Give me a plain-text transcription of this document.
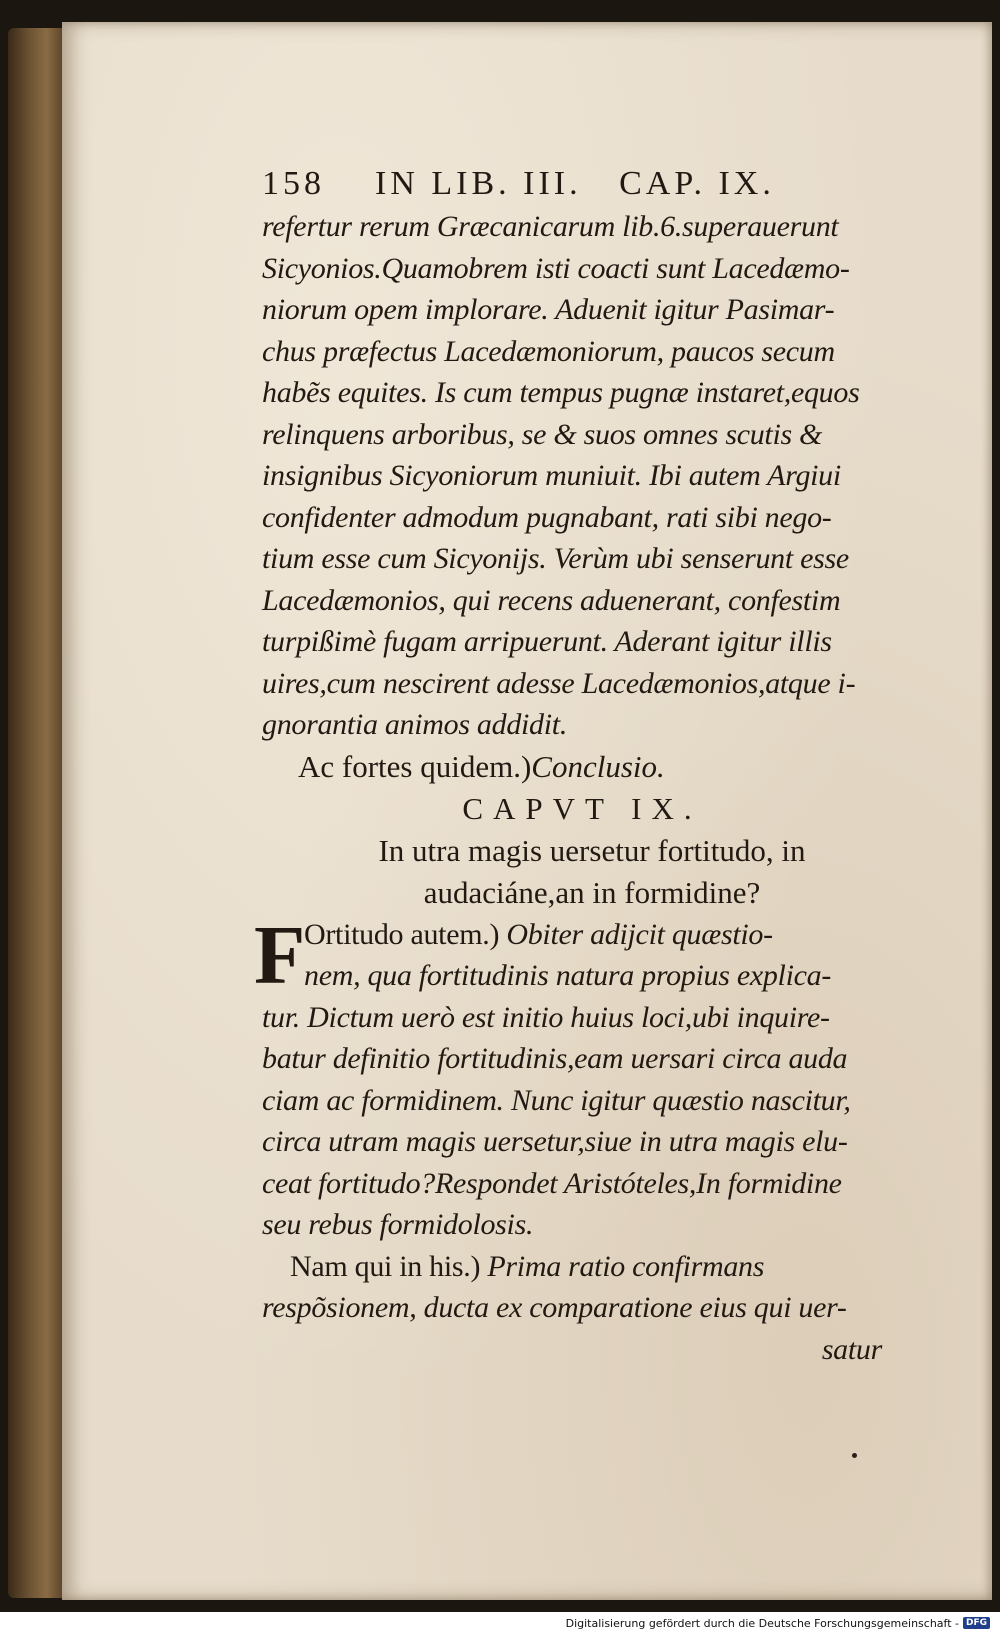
158    IN LIB. III.   CAP. IX.
refertur rerum Græcanicarum lib.6.superauerunt
Sicyonios.Quamobrem isti coacti sunt Lacedæmo-
niorum opem implorare. Aduenit igitur Pasimar-
chus præfectus Lacedæmoniorum, paucos secum
habẽs equites. Is cum tempus pugnæ instaret,equos
relinquens arboribus, se & suos omnes scutis &
insignibus Sicyoniorum muniuit. Ibi autem Argiui
confidenter admodum pugnabant, rati sibi nego-
tium esse cum Sicyonijs. Verùm ubi senserunt esse
Lacedæmonios, qui recens aduenerant, confestim
turpißimè fugam arripuerunt. Aderant igitur illis
uires,cum nescirent adesse Lacedæmonios,atque i-
gnorantia animos addidit.
Ac fortes quidem.)Conclusio.
CAPVT IX.
In utra magis uersetur fortitudo, in
audaciáne,an in formidine?
F
Ortitudo autem.) Obiter adijcit quæstio-
nem, qua fortitudinis natura propius explica-
tur. Dictum uerò est initio huius loci,ubi inquire-
batur definitio fortitudinis,eam uersari circa auda
ciam ac formidinem. Nunc igitur quæstio nascitur,
circa utram magis uersetur,siue in utra magis elu-
ceat fortitudo?Respondet Aristóteles,In formidine
seu rebus formidolosis.
Nam qui in his.) Prima ratio confirmans
respõsionem, ducta ex comparatione eius qui uer-
satur
Digitalisierung gefördert durch die Deutsche Forschungsgemeinschaft - DFG
